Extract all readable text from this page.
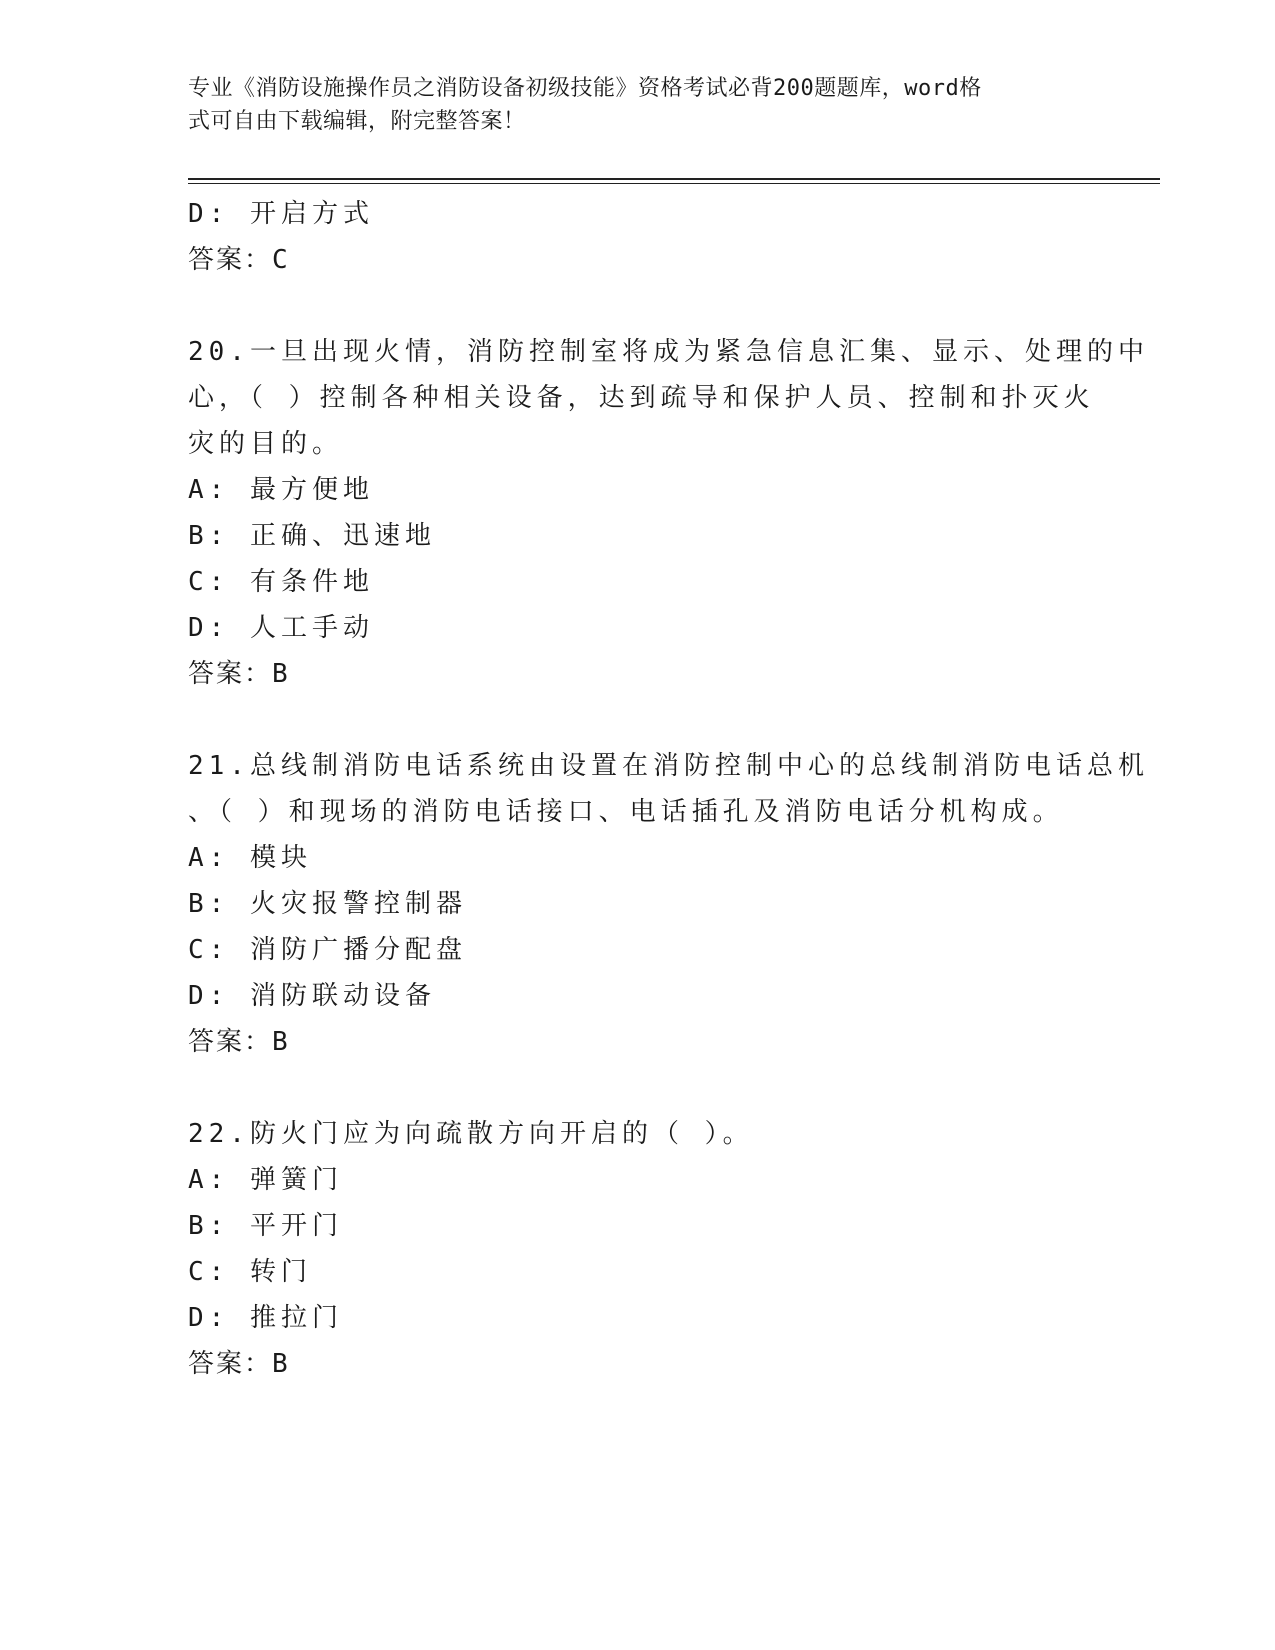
专业《消防设施操作员之消防设备初级技能》资格考试必背200题题库，word格
式可自由下载编辑，附完整答案！
D: 开启方式
答案：C
20.一旦出现火情，消防控制室将成为紧急信息汇集、显示、处理的中
心，（ ）控制各种相关设备，达到疏导和保护人员、控制和扑灭火
灾的目的。
A: 最方便地
B: 正确、迅速地
C: 有条件地
D: 人工手动
答案：B
21.总线制消防电话系统由设置在消防控制中心的总线制消防电话总机
、（ ）和现场的消防电话接口、电话插孔及消防电话分机构成。
A: 模块
B: 火灾报警控制器
C: 消防广播分配盘
D: 消防联动设备
答案：B
22.防火门应为向疏散方向开启的（ ）。
A: 弹簧门
B: 平开门
C: 转门
D: 推拉门
答案：B
